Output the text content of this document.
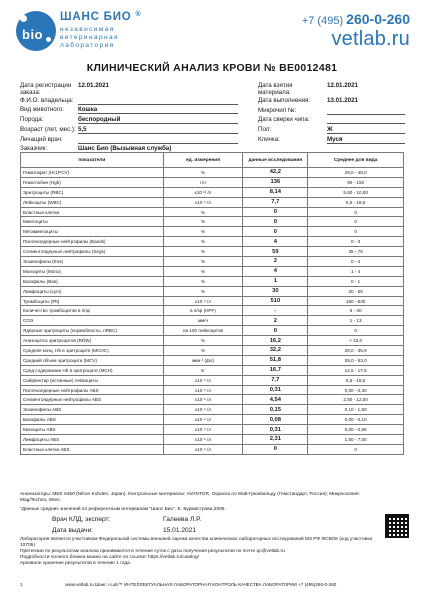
bio
ШАНС БИО ®
независимая
ветеринарная
лаборатория
+7 (495) 260-0-260
vetlab.ru
КЛИНИЧЕСКИЙ АНАЛИЗ КРОВИ № BE0012481
Дата регистрации заказа:
12.01.2021
Ф.И.О. владельца:
Вид животного: Кошка
Порода:	беспородный
Возраст (лет, мес.): 5,5
Лечащий врач:
Заказчик:	Шанс Био (Вызывная служба)
Дата взятия материала:
12.01.2021
Дата выполнения:	13.01.2021
Микрочип №:
Дата сверки чипа:
Пол:	Ж
Кличка:	Муся
показатели	ед. измерения	данные исследования	Среднее для вида
Гематокрит (Hct,PCV)	%	42,2	29,0 - 48,0
Гемоглобин (Hgb)	г/л	136	90 - 150
Эритроциты (RBC)	x10 ¹² /л	8,14	5,60 - 10,00
Лейкоциты (WBC)	x10 ⁹ /л	7,7	5,5 - 18,5
Бластные клетки	%	0	0
Миелоциты	%	0	0
Метамиелоциты	%	0	0
Палочкоядерные нейтрофилы (Bands)	%	4	0 - 3
Сегментоядерные нейтрофилы (Segs)	%	59	35 - 75
Эозинофилы (Eos)	%	2	0 - 4
Моноциты (Mono)	%	4	1 - 4
Базофилы (Bas)	%	1	0 - 1
Лимфоциты (Lym)	%	30	20 - 55
Тромбоциты (Plt)	x10 ⁹ /л	510	160 - 630
Количество тромбоцитов в п/зр	в п/зр (HPF)	-	6 - 30
СОЭ	мм/ч	2	1 - 13
Ядерные эритроциты (нормобласты, nRBC)	на 100 лейкоцитов	0	0
Анизоцитоз эритроцитов (RDW)	%	16,2	< 22,0
Средняя конц. Hb в эритроците (MCHC)	%	32,2	28,0 - 35,8
Средний объем эритроцита (MCV)	мкм ³ (фл)	51,8	39,0 - 53,0
Сред содержание Hb в эритроците (MCH)	пг	16,7	12,5 - 17,5
Сейрвентир (истинные) лейкоциты	x10 ⁹ /л	7,7	5,5 - 18,5
Палочкоядерные нейтрофилы ABS	x10 ⁹ /л	0,31	0,00 - 0,30
Сегментоядерные нейтрофилы ABS	x10 ⁹ /л	4,54	2,50 - 12,50
Эозинофилы ABS	x10 ⁹ /л	0,15	0,10 - 1,50
Базофилы ABS	x10 ⁹ /л	0,08	0,00 - 0,10
Моноциты ABS	x10 ⁹ /л	0,31	0,00 - 0,85
Лимфоциты ABS	x10 ⁹ /л	2,31	1,50 - 7,00
Бластные клетки ABS	x10 ⁹ /л	0	0
Анализаторы: MEK 6450 (Nihon Kohden, Japan). Контрольные материалы: AVANTOR, Окраска по Май-Грюнвальду (Гемстандарт, Россия); Микроскопия: Mag/Techno, Wien.
*Данные средних значений по референтным интервалам "Шанс Био", Е. Бурмистрова,2009.
Врач КЛД, эксперт:	Галеева Л.Р.
Дата выдачи:	15.01.2021
Лаборатория является участником Федеральной системы внешней оценки качества клинических лабораторных исследований МЗ РФ ФСВОК (код участника 10705)
Претензии по результатам анализа принимаются в течение суток с даты получения результатов по почте qc@vetlab.ru
Подробности полного бланка можно на сайте по ссылке: https://vetlab.ru/catalog/
Архивное хранение результатов в течение 1 года.
1	www.vetlab.ru Шанс i-Lab™ ИНТЕЛЛЕКТУАЛЬНАЯ ЛАБОРАТОРНАЯ КОНТРОЛЬ КАЧЕСТВА ЛАБОРАТОРИИ +7 (495)260-0-260
